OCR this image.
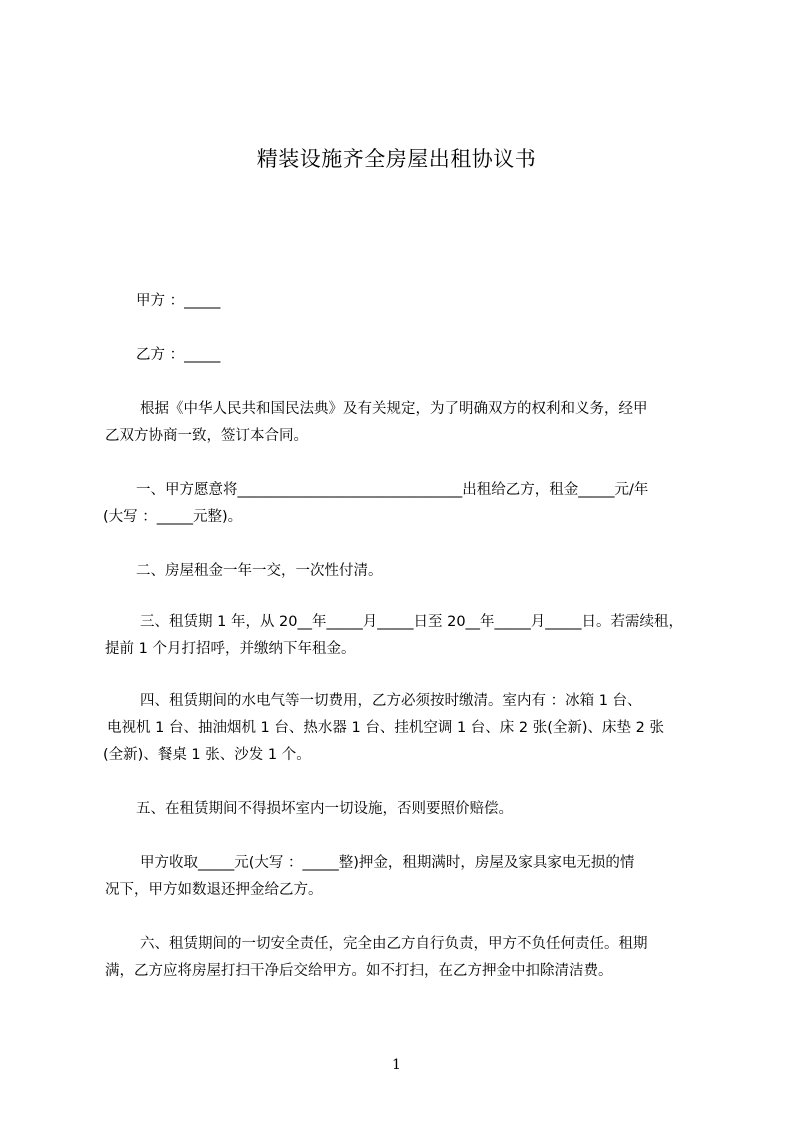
精装设施齐全房屋出租协议书
甲方 ：_____
乙方 ：_____
根据《中华人民共和国民法典》及有关规定，为了明确双方的权利和义务，经甲
乙双方协商一致，签订本合同。
一、甲方愿意将_______________________________出租给乙方，租金_____元/年
(大写 ：_____元整)。
二、房屋租金一年一交，一次性付清。
三、租赁期 1 年，从 20__年_____月_____日至 20__年_____月_____日。若需续租，
提前 1 个月打招呼，并缴纳下年租金。
四、租赁期间的水电气等一切费用，乙方必须按时缴清。室内有 ：冰箱 1 台、
电视机 1 台、抽油烟机 1 台、热水器 1 台、挂机空调 1 台、床 2 张(全新)、床垫 2 张
(全新)、餐桌 1 张、沙发 1 个。
五、在租赁期间不得损坏室内一切设施，否则要照价赔偿。
甲方收取_____元(大写 ：_____整)押金，租期满时，房屋及家具家电无损的情
况下，甲方如数退还押金给乙方。
六、租赁期间的一切安全责任，完全由乙方自行负责，甲方不负任何责任。租期
满，乙方应将房屋打扫干净后交给甲方。如不打扫，在乙方押金中扣除清洁费。
1
